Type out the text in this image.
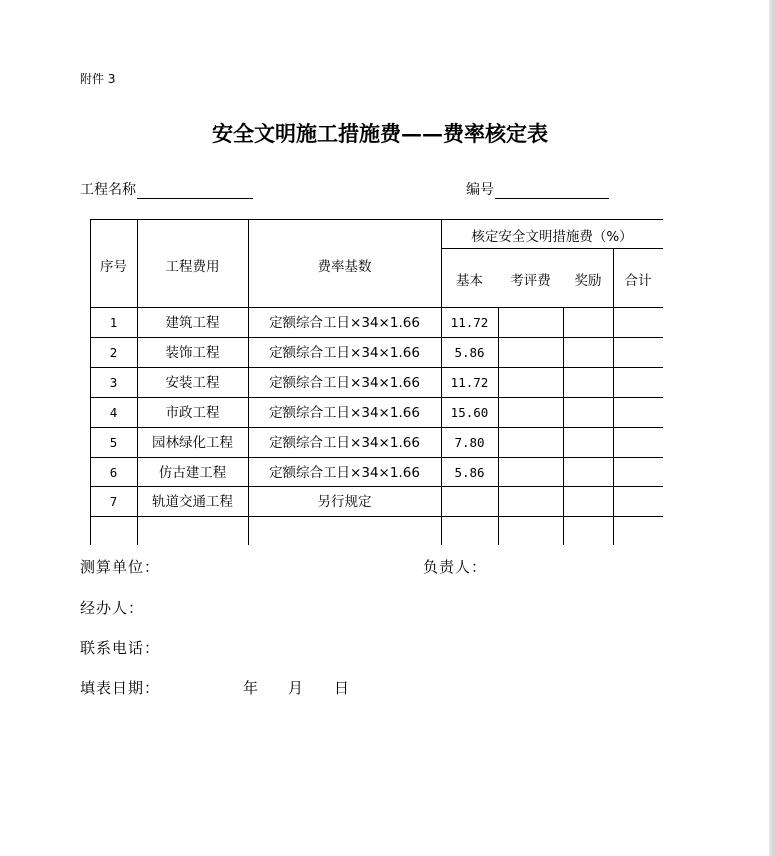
附件 3
安全文明施工措施费——费率核定表
工程名称	编号
序号	工程费用	费率基数
核定安全文明措施费（%）
基本	考评费	奖励	合计
1	建筑工程	定额综合工日×34×1.66	11.72
2	装饰工程	定额综合工日×34×1.66	5.86
3	安装工程	定额综合工日×34×1.66	11.72
4	市政工程	定额综合工日×34×1.66	15.60
5	园林绿化工程	定额综合工日×34×1.66	7.80
6	仿古建工程	定额综合工日×34×1.66	5.86
7	轨道交通工程	另行规定
测算单位：	负责人：
经办人：
联系电话：
填表日期：	年 月 日
